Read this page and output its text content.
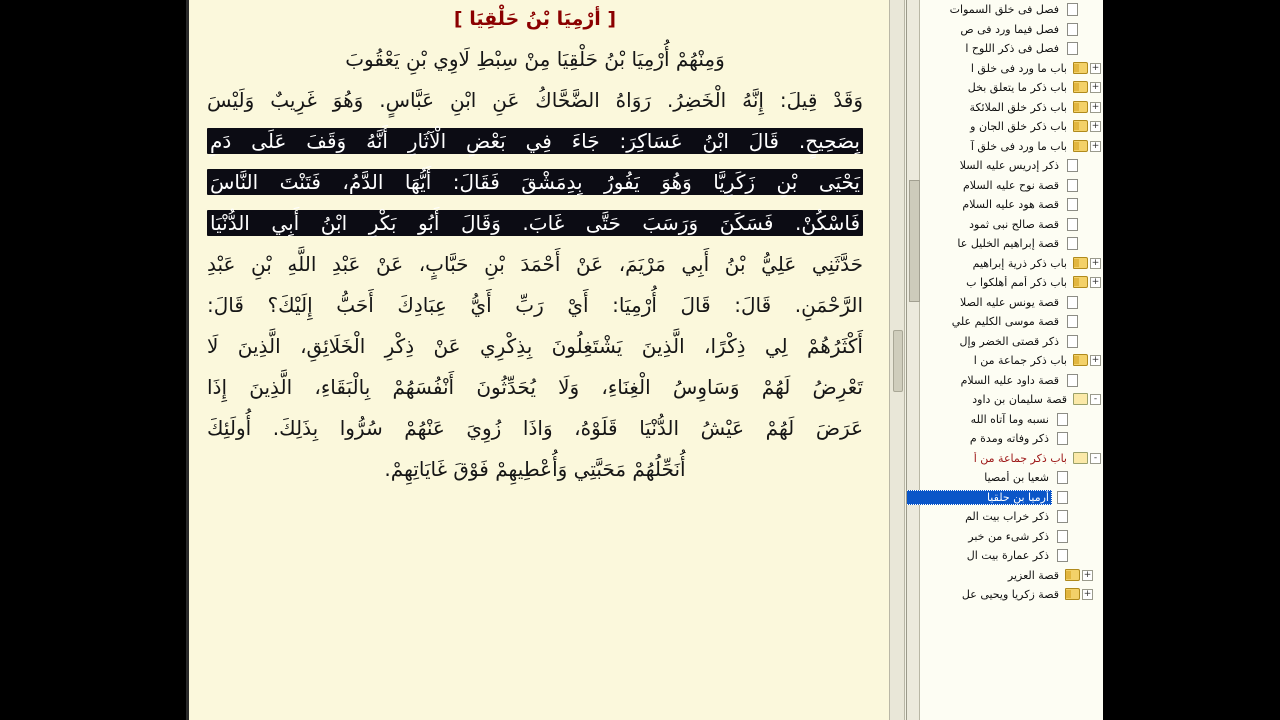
[ أرْمِيَا بْنُ حَلْقِيَا ]
وَمِنْهُمْ أُرْمِيَا بْنُ حَلْقِيَا مِنْ سِبْطِ لَاوِي بْنِ يَعْقُوبَ
وَقَدْ قِيلَ: إِنَّهُ الْخَضِرُ. رَوَاهُ الضَّحَّاكُ عَنِ ابْنِ عَبَّاسٍ. وَهُوَ غَرِيبٌ وَلَيْسَ
بِصَحِيحٍ. قَالَ ابْنُ عَسَاكِرَ: جَاءَ فِي بَعْضِ الْآثَارِ أَنَّهُ وَقَفَ عَلَى دَمِ
يَحْيَى بْنِ زَكَرِيَّا وَهُوَ يَفُورُ بِدِمَشْقَ فَقَالَ: أَيُّهَا الدَّمُ، فَتَنْتَ النَّاسَ
فَاسْكُنْ. فَسَكَنَ وَرَسَبَ حَتَّى غَابَ. وَقَالَ أَبُو بَكْرِ ابْنُ أَبِي الدُّنْيَا
حَدَّثَنِي عَلِيُّ بْنُ أَبِي مَرْيَمَ، عَنْ أَحْمَدَ بْنِ حَبَّابٍ، عَنْ عَبْدِ اللَّهِ بْنِ عَبْدِ
الرَّحْمَنِ. قَالَ: قَالَ أُرْمِيَا: أَيْ رَبِّ أَيُّ عِبَادِكَ أَحَبُّ إِلَيْكَ؟ قَالَ:
أَكْثَرُهُمْ لِي ذِكْرًا، الَّذِينَ يَشْتَغِلُونَ بِذِكْرِي عَنْ ذِكْرِ الْخَلَائِقِ، الَّذِينَ لَا
تَعْرِضُ لَهُمْ وَسَاوِسُ الْغِنَاءِ، وَلَا يُحَدِّثُونَ أَنْفُسَهُمْ بِالْبَقَاءِ، الَّذِينَ إِذَا
عَرَضَ لَهُمْ عَيْشُ الدُّنْيَا قَلَوْهُ، وَاذَا زُوِيَ عَنْهُمْ سُرُّوا بِذَلِكَ. أُولَئِكَ
أُنَحِّلُهُمْ مَحَبَّتِي وَأُعْطِيهِمْ فَوْقَ غَايَاتِهِمْ.
فصل فى خلق السموات
فصل فيما ورد فى ص
فصل فى ذكر اللوح ا
+
باب ما ورد فى خلق ا
+
باب ذكر ما يتعلق بخل
+
باب ذكر خلق الملائكة
+
باب ذكر خلق الجان و
+
باب ما ورد فى خلق آ
ذكر إدريس عليه السلا
قصة نوح عليه السلام
قصة هود عليه السلام
قصة صالح نبى ثمود
قصة إبراهيم الخليل عا
+
باب ذكر ذرية إبراهيم
+
باب ذكر أمم أهلكوا ب
قصة يونس عليه الصلا
قصة موسى الكليم علي
ذكر قصتى الخضر وإل
+
باب ذكر جماعة من ا
قصة داود عليه السلام
-
قصة سليمان بن داود
نسبه وما آتاه الله
ذكر وفاته ومدة م
-
باب ذكر جماعة من أ
شعيا بن أمصيا
أرميا بن حلقيا
ذكر خراب بيت الم
ذكر شىء من خبر
ذكر عمارة بيت ال
+
قصة العزير
+
قصة زكريا ويحيى عل
